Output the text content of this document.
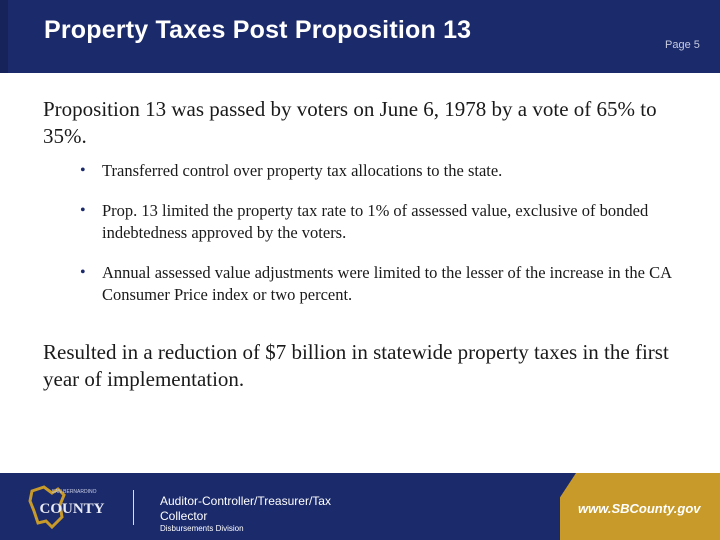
Property Taxes Post Proposition 13
Page 5
Proposition 13 was passed by voters on June 6, 1978 by a vote of 65% to 35%.
• Transferred control over property tax allocations to the state.
• Prop. 13 limited the property tax rate to 1% of assessed value, exclusive of bonded indebtedness approved by the voters.
• Annual assessed value adjustments were limited to the lesser of the increase in the CA Consumer Price index or two percent.
Resulted in a reduction of $7 billion in statewide property taxes in the first year of implementation.
SAN BERNARDINO
COUNTY	Auditor-Controller/Treasurer/Tax Collector
Disbursements Division
www.SBCounty.gov
